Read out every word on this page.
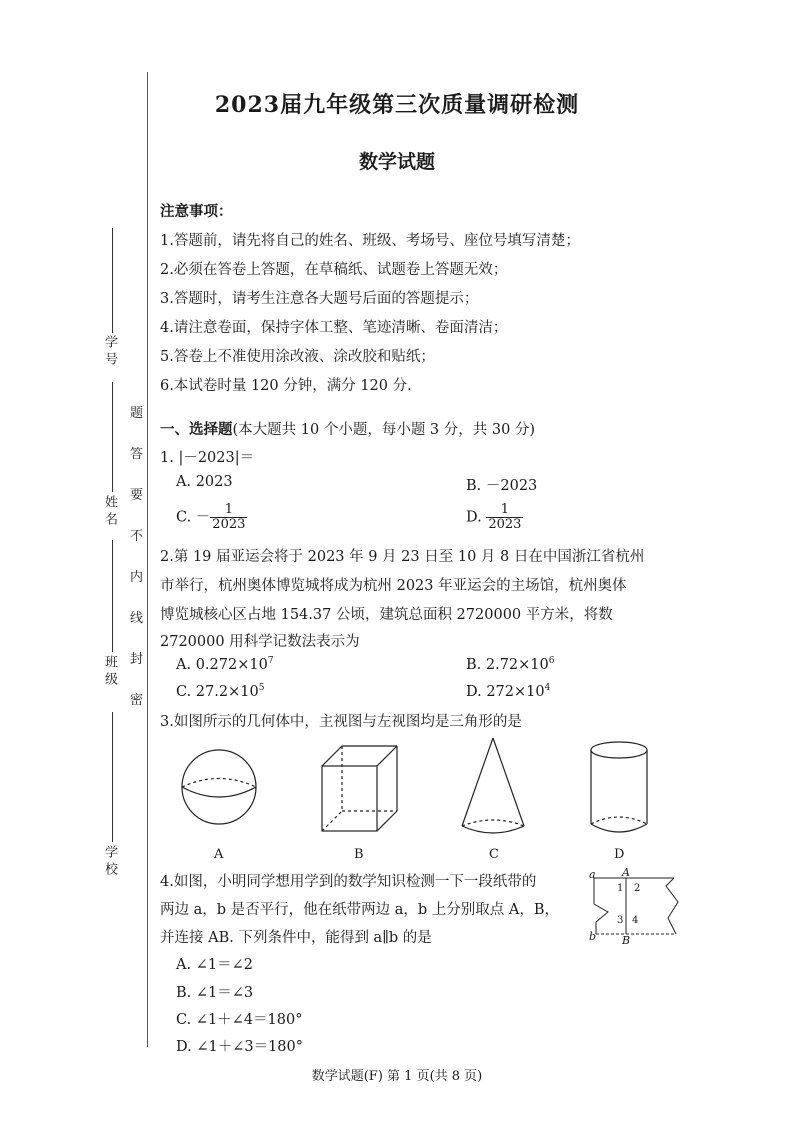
学 号
姓 名
班 级
学 校
题
答
要
不
内
线
封
密
2023届九年级第三次质量调研检测
数学试题
注意事项：
1.答题前，请先将自己的姓名、班级、考场号、座位号填写清楚；
2.必须在答卷上答题，在草稿纸、试题卷上答题无效；
3.答题时，请考生注意各大题号后面的答题提示；
4.请注意卷面，保持字体工整、笔迹清晰、卷面清洁；
5.答卷上不准使用涂改液、涂改胶和贴纸；
6.本试卷时量 120 分钟，满分 120 分.
一、选择题(本大题共 10 个小题，每小题 3 分，共 30 分)
1. |－2023|＝
A. 2023	B. －2023
C. － $\frac{1}{2023}$	D. $\frac{1}{2023}$
2.第 19 届亚运会将于 2023 年 9 月 23 日至 10 月 8 日在中国浙江省杭州
市举行，杭州奥体博览城将成为杭州 2023 年亚运会的主场馆，杭州奥体
博览城核心区占地 154.37 公顷，建筑总面积 2720000 平方米，将数
2720000 用科学记数法表示为
A. $0.272\times 10^7$	B. $2.72\times 10^6$
C. $27.2\times 10^5$	D. $272\times 10^4$
3.如图所示的几何体中，主视图与左视图均是三角形的是
A	B	C	D
4.如图，小明同学想用学到的数学知识检测一下一段纸带的
两边 a，b 是否平行，他在纸带两边 a，b 上分别取点 A，B，
并连接 AB. 下列条件中，能得到 a∥b 的是
A. ∠1＝∠2
B. ∠1＝∠3
C. ∠1＋∠4＝180°
D. ∠1＋∠3＝180°
a
b
A
B
1 2
3 4
数学试题(F) 第 1 页(共 8 页)
